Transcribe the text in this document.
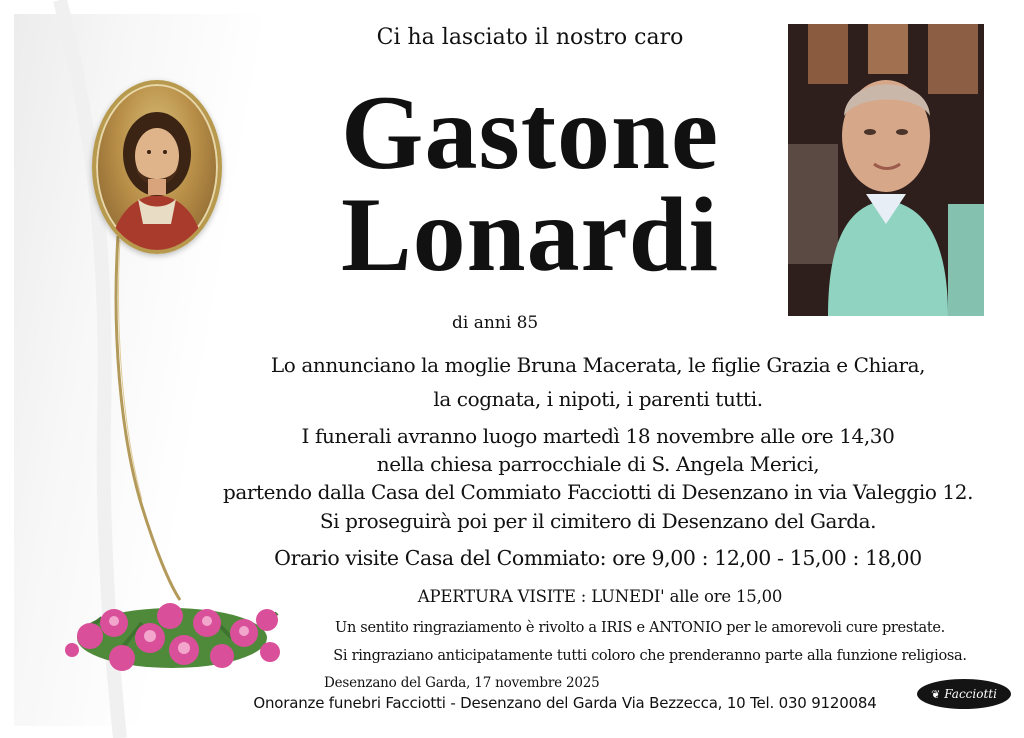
Ci ha lasciato il nostro caro
Gastone
Lonardi
di anni 85
Lo annunciano la moglie Bruna Macerata, le figlie Grazia e Chiara,
la cognata, i nipoti, i parenti tutti.
I funerali avranno luogo martedì 18 novembre alle ore 14,30
nella chiesa parrocchiale di S. Angela Merici,
partendo dalla Casa del Commiato Facciotti di Desenzano in via Valeggio 12.
Si proseguirà poi per il cimitero di Desenzano del Garda.
Orario visite Casa del Commiato: ore 9,00 : 12,00 - 15,00 : 18,00
APERTURA VISITE : LUNEDI' alle ore 15,00
Un sentito ringraziamento è rivolto a IRIS e ANTONIO per le amorevoli cure prestate.
Si ringraziano anticipatamente tutti coloro che prenderanno parte alla funzione religiosa.
Desenzano del Garda, 17 novembre 2025
Onoranze funebri Facciotti - Desenzano del Garda Via Bezzecca, 10 Tel. 030 9120084	❦ Facciotti
